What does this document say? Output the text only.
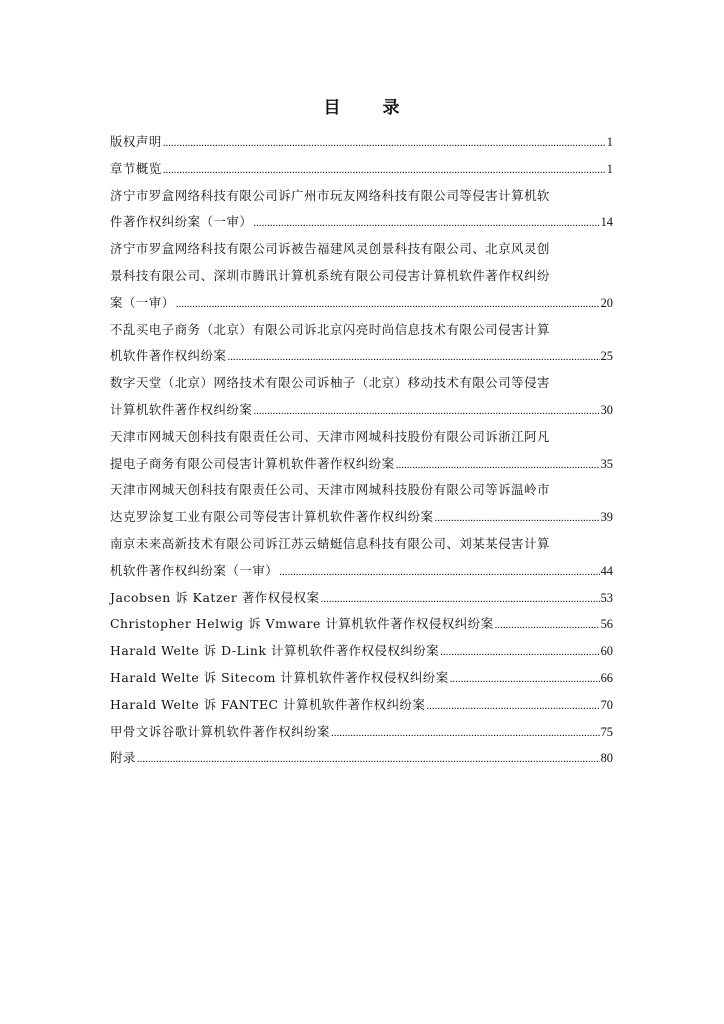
目 录
版权声明 .....	1
章节概览 .....	1
济宁市罗盒网络科技有限公司诉广州市玩友网络科技有限公司等侵害计算机软
件著作权纠纷案（一审） .....	14
济宁市罗盒网络科技有限公司诉被告福建风灵创景科技有限公司、北京风灵创
景科技有限公司、深圳市腾讯计算机系统有限公司侵害计算机软件著作权纠纷
案（一审） .....	20
不乱买电子商务（北京）有限公司诉北京闪亮时尚信息技术有限公司侵害计算
机软件著作权纠纷案 .....	25
数字天堂（北京）网络技术有限公司诉柚子（北京）移动技术有限公司等侵害
计算机软件著作权纠纷案 .....	30
天津市网城天创科技有限责任公司、天津市网城科技股份有限公司诉浙江阿凡
提电子商务有限公司侵害计算机软件著作权纠纷案 .....	35
天津市网城天创科技有限责任公司、天津市网城科技股份有限公司等诉温岭市
达克罗涂复工业有限公司等侵害计算机软件著作权纠纷案 .....	39
南京未来高新技术有限公司诉江苏云蜻蜓信息科技有限公司、刘某某侵害计算
机软件著作权纠纷案（一审） .....	44
Jacobsen 诉 Katzer 著作权侵权案 .....	53
Christopher Helwig 诉 Vmware 计算机软件著作权侵权纠纷案 .....	56
Harald Welte 诉 D-Link 计算机软件著作权侵权纠纷案 .....	60
Harald Welte 诉 Sitecom 计算机软件著作权侵权纠纷案 .....	66
Harald Welte 诉 FANTEC 计算机软件著作权纠纷案 .....	70
甲骨文诉谷歌计算机软件著作权纠纷案 .....	75
附录 .....	80
